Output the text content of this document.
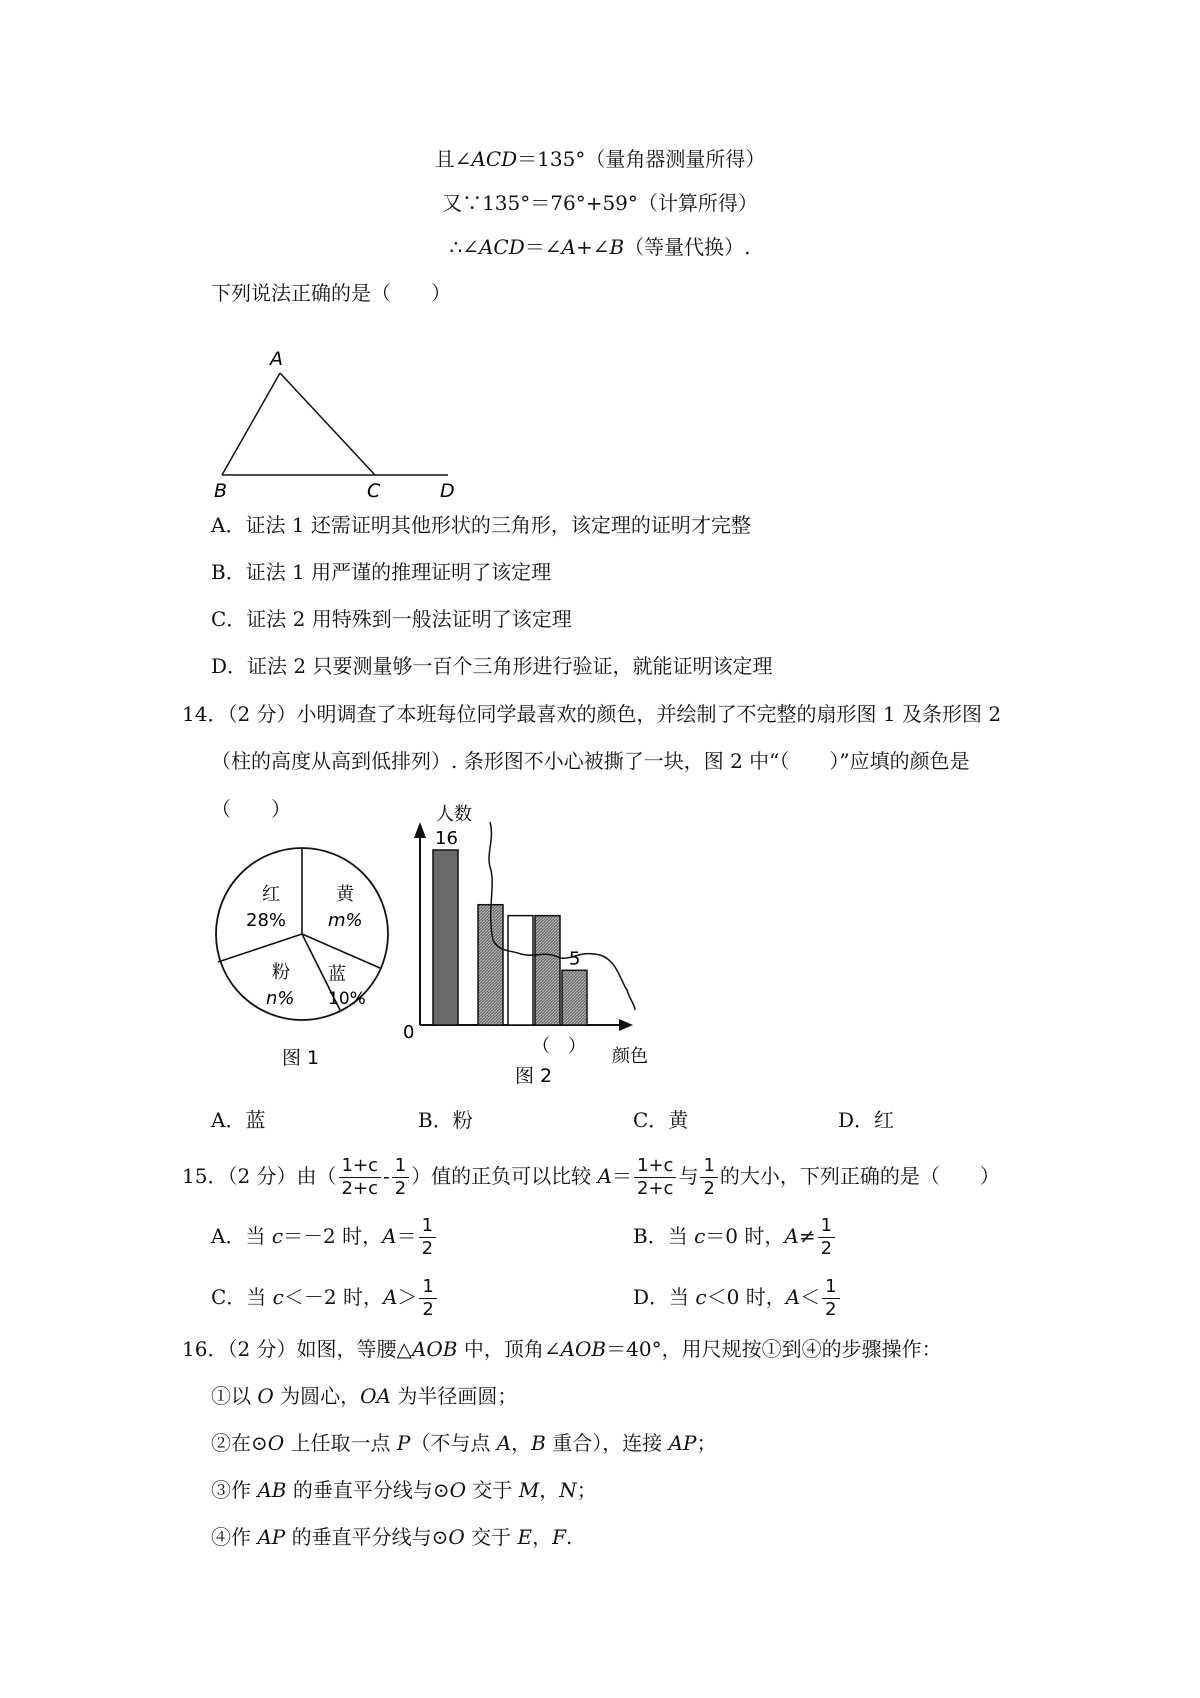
且∠ACD＝135°（量角器测量所得）
又∵135°＝76°+59°（计算所得）
∴∠ACD＝∠A+∠B（等量代换）.
下列说法正确的是（　　）
A
B	C	D
A．证法 1 还需证明其他形状的三角形，该定理的证明才完整
B．证法 1 用严谨的推理证明了该定理
C．证法 2 用特殊到一般法证明了该定理
D．证法 2 只要测量够一百个三角形进行验证，就能证明该定理
14．（2 分）小明调查了本班每位同学最喜欢的颜色，并绘制了不完整的扇形图 1 及条形图 2
（柱的高度从高到低排列）. 条形图不小心被撕了一块，图 2 中“（　　）”应填的颜色是
（　　）
红
28%
黄
m%
粉
n%
蓝
10%
图 1
16
5
人数
颜色
0
（　）
图 2
A．蓝	B．粉	C．黄	D．红
15．（2 分）由（ $\frac{1+c}{2+c} - \frac{1}{2}$ ）值的正负可以比较 $A= \frac{1+c}{2+c}$ 与 $\frac{1}{2}$ 的大小，下列正确的是（　　）
A．当 c＝－2 时，$A= \frac{1}{2}$	B．当 c＝0 时，$A\ne \frac{1}{2}$
C．当 c＜－2 时，$A> \frac{1}{2}$	D．当 c＜0 时，$A< \frac{1}{2}$
16．（2 分）如图，等腰△AOB 中，顶角∠AOB＝40°，用尺规按①到④的步骤操作：
①以 O 为圆心，OA 为半径画圆；
②在⊙O 上任取一点 P（不与点 A，B 重合），连接 AP；
③作 AB 的垂直平分线与⊙O 交于 M，N；
④作 AP 的垂直平分线与⊙O 交于 E，F.
